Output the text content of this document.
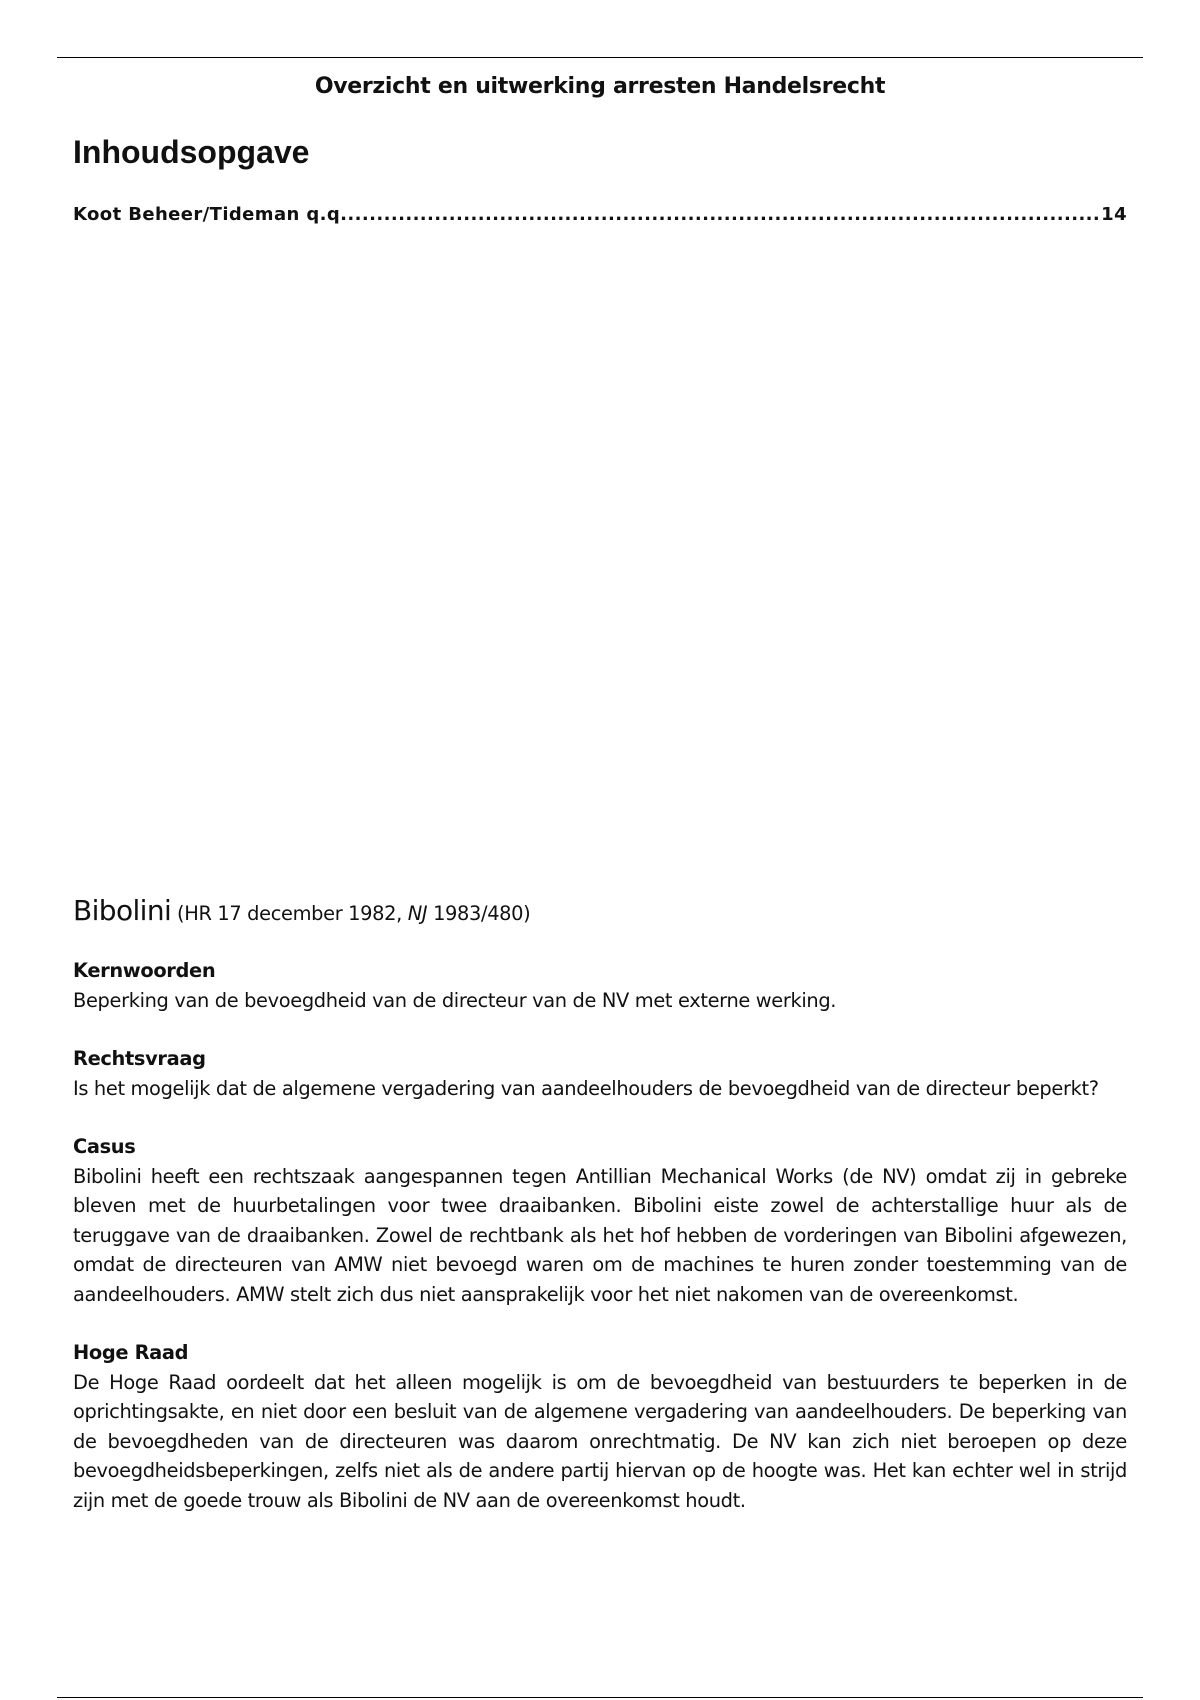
Overzicht en uitwerking arresten Handelsrecht
Inhoudsopgave
Koot Beheer/Tideman q.q.
.....	14
Bibolini (HR 17 december 1982, NJ 1983/480)
Kernwoorden
Beperking van de bevoegdheid van de directeur van de NV met externe werking.
Rechtsvraag
Is het mogelijk dat de algemene vergadering van aandeelhouders de bevoegdheid van de directeur beperkt?
Casus
Bibolini heeft een rechtszaak aangespannen tegen Antillian Mechanical Works (de NV) omdat zij in gebreke bleven met de huurbetalingen voor twee draaibanken. Bibolini eiste zowel de achterstallige huur als de teruggave van de draaibanken. Zowel de rechtbank als het hof hebben de vorderingen van Bibolini afgewezen, omdat de directeuren van AMW niet bevoegd waren om de machines te huren zonder toestemming van de aandeelhouders. AMW stelt zich dus niet aansprakelijk voor het niet nakomen van de overeenkomst.
Hoge Raad
De Hoge Raad oordeelt dat het alleen mogelijk is om de bevoegdheid van bestuurders te beperken in de oprichtingsakte, en niet door een besluit van de algemene vergadering van aandeelhouders. De beperking van de bevoegdheden van de directeuren was daarom onrechtmatig. De NV kan zich niet beroepen op deze bevoegdheidsbeperkingen, zelfs niet als de andere partij hiervan op de hoogte was. Het kan echter wel in strijd zijn met de goede trouw als Bibolini de NV aan de overeenkomst houdt.
